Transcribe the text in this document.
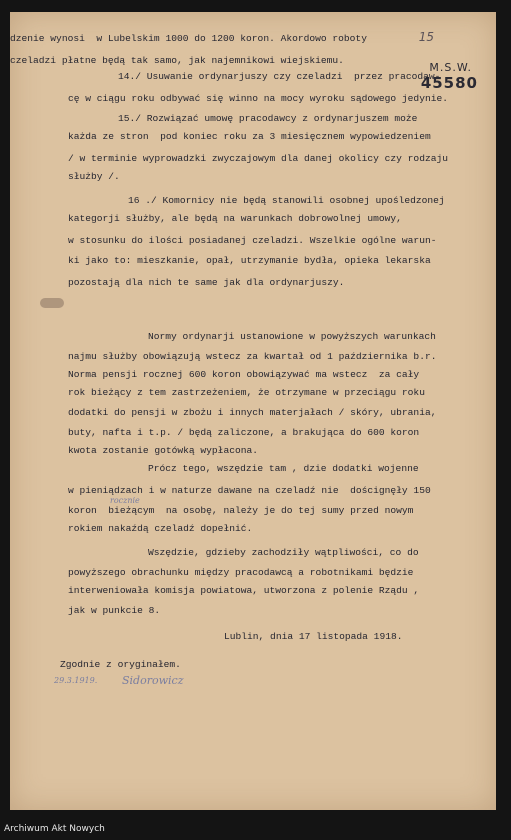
15
M.S.W.
45580

dzenie wynosi  w Lubelskim 1000 do 1200 koron. Akordowo roboty

czeladzi płatne będą tak samo, jak najemnikowi wiejskiemu.

14./ Usuwanie ordynarjuszy czy czeladzi  przez pracodaw-

cę w ciągu roku odbywać się winno na mocy wyroku sądowego jedynie.

15./ Rozwiązać umowę pracodawcy z ordynarjuszem może

każda ze stron  pod koniec roku za 3 miesięcznem wypowiedzeniem

/ w terminie wyprowadzki zwyczajowym dla danej okolicy czy rodzaju

służby /.

16 ./ Komornicy nie będą stanowili osobnej upośledzonej

kategorji służby, ale będą na warunkach dobrowolnej umowy,

w stosunku do ilości posiadanej czeladzi. Wszelkie ogólne warun-

ki jako to: mieszkanie, opał, utrzymanie bydła, opieka lekarska

pozostają dla nich te same jak dla ordynarjuszy.

Normy ordynarji ustanowione w powyższych warunkach

najmu służby obowiązują wstecz za kwartał od 1 października b.r.

Norma pensji rocznej 600 koron obowiązywać ma wstecz  za cały

rok bieżący z tem zastrzeżeniem, że otrzymane w przeciągu roku

dodatki do pensji w zbożu i innych materjałach / skóry, ubrania,

buty, nafta i t.p. / będą zaliczone, a brakująca do 600 koron

kwota zostanie gotówką wypłacona.

Prócz tego, wszędzie tam , dzie dodatki wojenne

w pieniądzach i w naturze dawane na czeladź nie  doścignęły 150

rocznie

koron  bieżącym  na osobę, należy je do tej sumy przed nowym

rokiem nakaźdą czeladź dopełnić.

Wszędzie, gdzieby zachodziły wątpliwości, co do

powyższego obrachunku między pracodawcą a robotnikami będzie

interweniowała komisja powiatowa, utworzona z polenie Rządu ,

jak w punkcie 8.

Lublin, dnia 17 listopada 1918.

Zgodnie z oryginałem.

29.3.1919. Sidorowicz
Archiwum Akt Nowych
